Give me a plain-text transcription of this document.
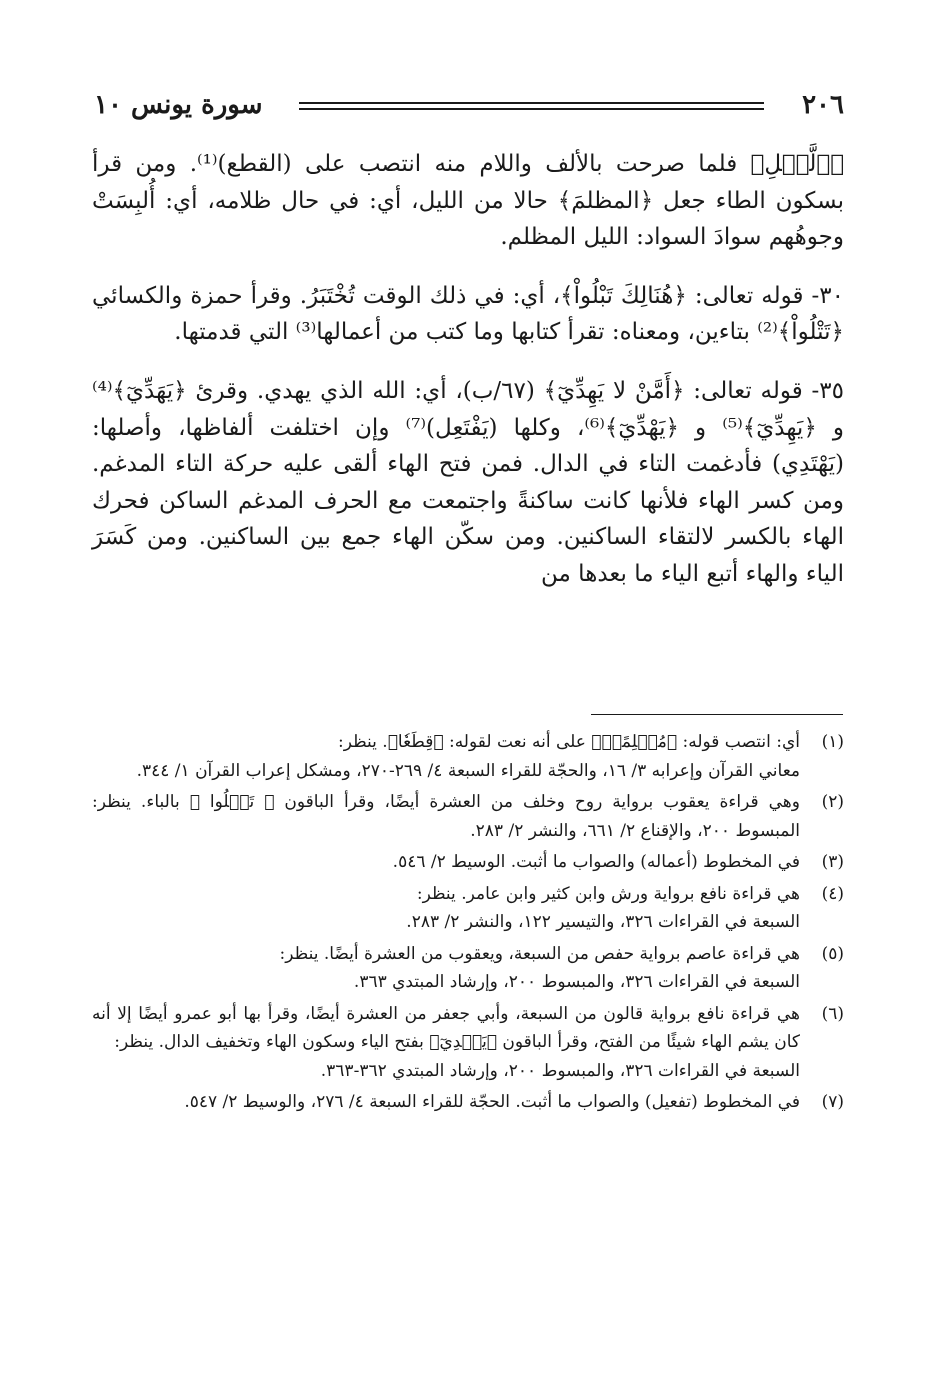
٢٠٦
سورة يونس ١٠

﴿ٱلَّيۡلِ﴾ فلما صرحت بالألف واللام منه انتصب على (القطع)⁽¹⁾. ومن قرأ بسكون الطاء جعل ﴿المظلمَ﴾ حالا من الليل، أي: في حال ظلامه، أي: أُلبِسَتْ وجوهُهم سوادَ السواد: الليل المظلم.

٣٠- قوله تعالى: ﴿هُنَالِكَ تَبْلُواْ﴾، أي: في ذلك الوقت تُخْتَبَرُ. وقرأ حمزة والكسائي ﴿تَتْلُواْ﴾⁽²⁾ بتاءين، ومعناه: تقرأ كتابها وما كتب من أعمالها⁽³⁾ التي قدمتها.

٣٥- قوله تعالى: ﴿أَمَّنْ لا يَهِدِّيٓ﴾ (٦٧/ب)، أي: الله الذي يهدي. وقرئ ﴿يَهَدِّيٓ﴾⁽⁴⁾ و ﴿يَهِدِّيٓ﴾⁽⁵⁾ و ﴿يَهْدِّيٓ﴾⁽⁶⁾، وكلها (يَفْتَعِل)⁽⁷⁾ وإن اختلفت ألفاظها، وأصلها: (يَهْتَدِي) فأدغمت التاء في الدال. فمن فتح الهاء ألقى عليه حركة التاء المدغم. ومن كسر الهاء فلأنها كانت ساكنةً واجتمعت مع الحرف المدغم الساكن فحرك الهاء بالكسر لالتقاء الساكنين. ومن سكّن الهاء جمع بين الساكنين. ومن كَسَرَ الياء والهاء أتبع الياء ما بعدها من

(١)
أي: انتصب قوله: ﴿مُظۡلِمًاۚ﴾ على أنه نعت لقوله: ﴿قِطَعٗا﴾. ينظر:
معاني القرآن وإعرابه ٣/ ١٦، والحجّة للقراء السبعة ٤/ ٢٦٩-٢٧٠، ومشكل إعراب القرآن ١/ ٣٤٤.
(٢)
وهي قراءة يعقوب برواية روح وخلف من العشرة أيضًا، وقرأ الباقون ﴿ تَبۡلُوا ﴾ بالباء. ينظر: المبسوط ٢٠٠، والإقناع ٢/ ٦٦١، والنشر ٢/ ٢٨٣.
(٣)
في المخطوط (أعماله) والصواب ما أثبت. الوسيط ٢/ ٥٤٦.
(٤)
هي قراءة نافع برواية ورش وابن كثير وابن عامر. ينظر:
السبعة في القراءات ٣٢٦، والتيسير ١٢٢، والنشر ٢/ ٢٨٣.
(٥)
هي قراءة عاصم برواية حفص من السبعة، ويعقوب من العشرة أيضًا. ينظر:
السبعة في القراءات ٣٢٦، والمبسوط ٢٠٠، وإرشاد المبتدي ٣٦٣.
(٦)
هي قراءة نافع برواية قالون من السبعة، وأبي جعفر من العشرة أيضًا، وقرأ بها أبو عمرو أيضًا إلا أنه كان يشم الهاء شيئًا من الفتح، وقرأ الباقون ﴿يَهۡدِيٓ﴾ بفتح الياء وسكون الهاء وتخفيف الدال. ينظر:
السبعة في القراءات ٣٢٦، والمبسوط ٢٠٠، وإرشاد المبتدي ٣٦٢-٣٦٣.
(٧)
في المخطوط (تفعيل) والصواب ما أثبت. الحجّة للقراء السبعة ٤/ ٢٧٦، والوسيط ٢/ ٥٤٧.
